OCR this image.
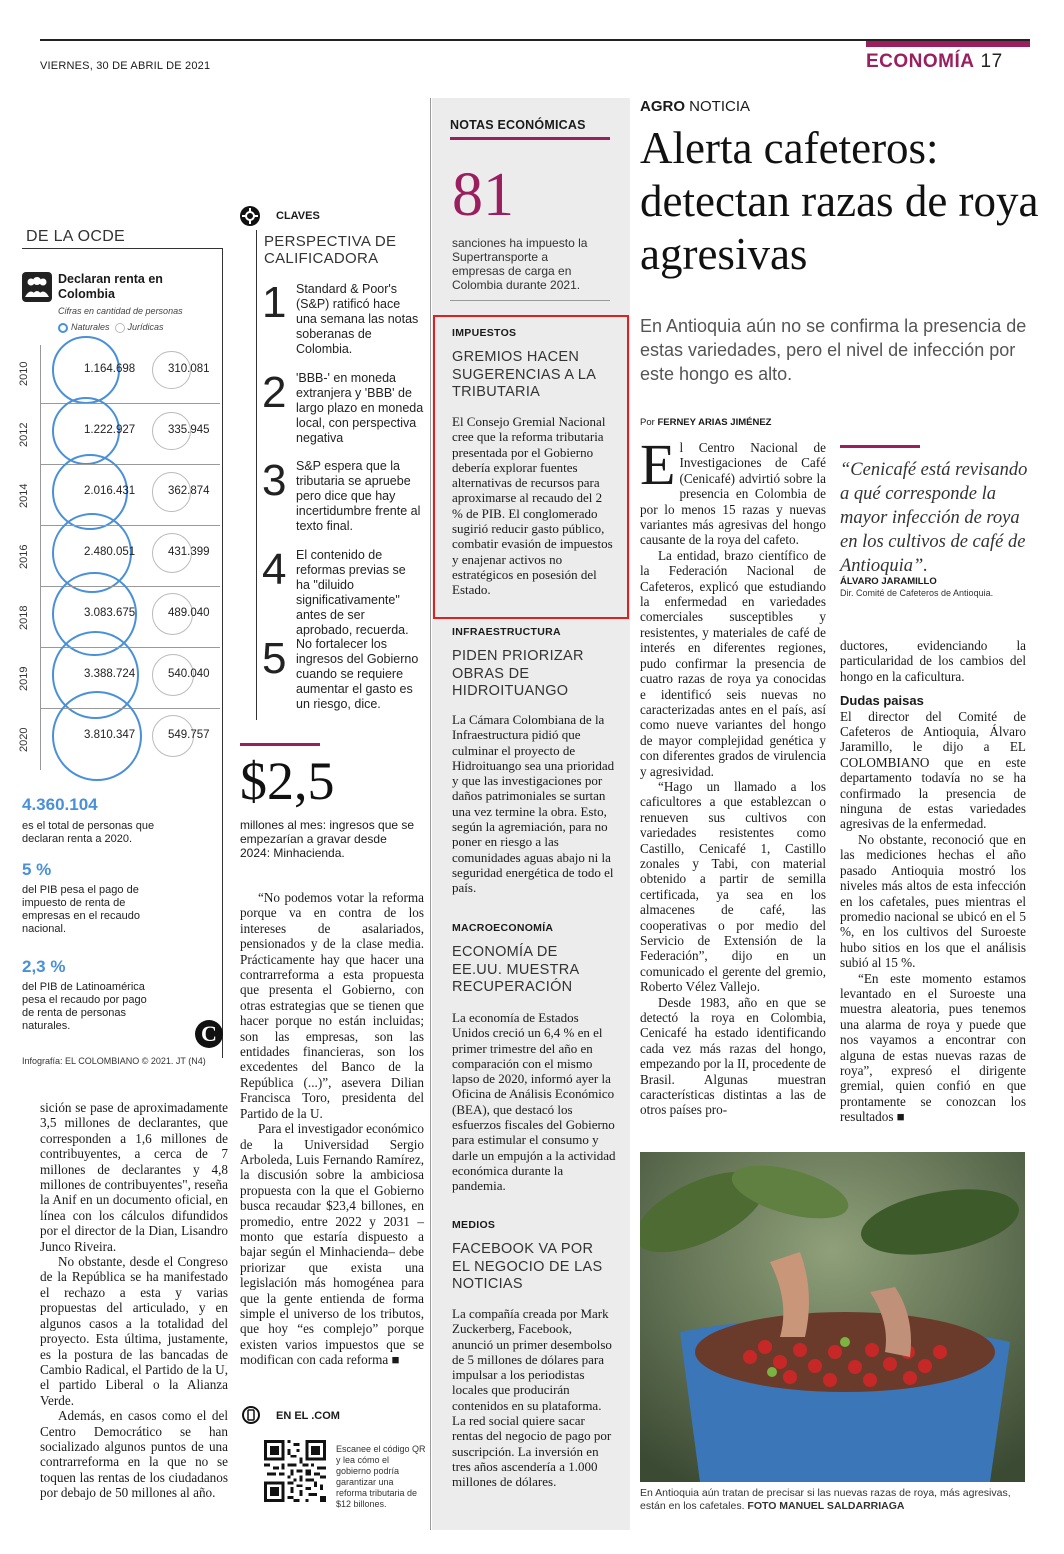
VIERNES, 30 DE ABRIL DE 2021	ECONOMÍA 17
DE LA OCDE
Declaran renta en Colombia
Cifras en cantidad de personas
Naturales Jurídicas
2010	1.164.698	310.081
2012	1.222.927	335.945
2014	2.016.431	362.874
2016	2.480.051	431.399
2018	3.083.675	489.040
2019	3.388.724	540.040
2020	3.810.347	549.757
4.360.104
es el total de personas que declaran renta a 2020.
5 %
del PIB pesa el pago de impuesto de renta de empresas en el recaudo nacional.
2,3 %
del PIB de Latinoamérica pesa el recaudo por pago de renta de personas naturales.	C
Infografía: EL COLOMBIANO © 2021. JT (N4)

sición se pase de aproximadamente 3,5 millones de declarantes, que corresponden a 1,6 millones de contribuyentes, a cerca de 7 millones de declarantes y 4,8 millones de contribuyentes", reseña la Anif en un documento oficial, en línea con los cálculos difundidos por el director de la Dian, Lisandro Junco Riveira.

No obstante, desde el Congreso de la República se ha manifestado el rechazo a esta y varias propuestas del articulado, y en algunos casos a la totalidad del proyecto. Esta última, justamente, es la postura de las bancadas de Cambio Radical, el Partido de la U, el partido Liberal o la Alianza Verde.

Además, en casos como el del Centro Democrático se han socializado algunos puntos de una contrarreforma en la que no se toquen las rentas de los ciudadanos por debajo de 50 millones al año.

CLAVES
PERSPECTIVA DE CALIFICADORA
1 Standard & Poor's (S&P) ratificó hace una semana las notas soberanas de Colombia.
2 'BBB-' en moneda extranjera y 'BBB' de largo plazo en moneda local, con perspectiva negativa
3 S&P espera que la tributaria se apruebe pero dice que hay incertidumbre frente al texto final.
4 El contenido de reformas previas se ha "diluido significativamente" antes de ser aprobado, recuerda.
5 No fortalecer los ingresos del Gobierno cuando se requiere aumentar el gasto es un riesgo, dice.
$2,5
millones al mes: ingresos que se empezarían a gravar desde 2024: Minhacienda.

“No podemos votar la reforma porque va en contra de los intereses de asalariados, pensionados y de la clase media. Prácticamente hay que hacer una contrarreforma a esta propuesta que presenta el Gobierno, con otras estrategias que se tienen que hacer porque no están incluidas; son las empresas, son las entidades financieras, son los excedentes del Banco de la República (...)”, asevera Dilian Francisca Toro, presidenta del Partido de la U.

Para el investigador económico de la Universidad Sergio Arboleda, Luis Fernando Ramírez, la discusión sobre la ambiciosa propuesta con la que el Gobierno busca recaudar $23,4 billones, en promedio, entre 2022 y 2031 –monto que estaría dispuesto a bajar según el Minhacienda– debe priorizar que exista una legislación más homogénea para que la gente entienda de forma simple el universo de los tributos, que hoy “es complejo” porque existen varios impuestos que se modifican con cada reforma ■

EN EL .COM
Escanee el código QR y lea cómo el gobierno podría garantizar una reforma tributaria de $12 billones.
NOTAS ECONÓMICAS
81
sanciones ha impuesto la Supertransporte a empresas de carga en Colombia durante 2021.
IMPUESTOS
GREMIOS HACEN SUGERENCIAS A LA TRIBUTARIA
El Consejo Gremial Nacional cree que la reforma tributaria presentada por el Gobierno debería explorar fuentes alternativas de recursos para aproximarse al recaudo del 2 % de PIB. El conglomerado sugirió reducir gasto público, combatir evasión de impuestos y enajenar activos no estratégicos en posesión del Estado.
INFRAESTRUCTURA
PIDEN PRIORIZAR OBRAS DE HIDROITUANGO
La Cámara Colombiana de la Infraestructura pidió que culminar el proyecto de Hidroituango sea una prioridad y que las investigaciones por daños patrimoniales se surtan una vez termine la obra. Esto, según la agremiación, para no poner en riesgo a las comunidades aguas abajo ni la seguridad energética de todo el país.
MACROECONOMÍA
ECONOMÍA DE EE.UU. MUESTRA RECUPERACIÓN
La economía de Estados Unidos creció un 6,4 % en el primer trimestre del año en comparación con el mismo lapso de 2020, informó ayer la Oficina de Análisis Económico (BEA), que destacó los esfuerzos fiscales del Gobierno para estimular el consumo y darle un empujón a la actividad económica durante la pandemia.
MEDIOS
FACEBOOK VA POR EL NEGOCIO DE LAS NOTICIAS
La compañía creada por Mark Zuckerberg, Facebook, anunció un primer desembolso de 5 millones de dólares para impulsar a los periodistas locales que producirán contenidos en su plataforma. La red social quiere sacar rentas del negocio de pago por suscripción. La inversión en tres años ascendería a 1.000 millones de dólares.
AGRO NOTICIA
Alerta cafeteros: detectan razas de roya agresivas
En Antioquia aún no se confirma la presencia de estas variedades, pero el nivel de infección por este hongo es alto.
Por FERNEY ARIAS JIMÉNEZ

El Centro Nacional de Investigaciones de Café (Cenicafé) advirtió sobre la presencia en Colombia de por lo menos 15 razas y nuevas variantes más agresivas del hongo causante de la roya del cafeto.

La entidad, brazo científico de la Federación Nacional de Cafeteros, explicó que estudiando la enfermedad en variedades comerciales susceptibles y resistentes, y materiales de café de interés en diferentes regiones, pudo confirmar la presencia de cuatro razas de roya ya conocidas e identificó seis nuevas no caracterizadas antes en el país, así como nueve variantes del hongo de mayor complejidad genética y con diferentes grados de virulencia y agresividad.

“Hago un llamado a los caficultores a que establezcan o renueven sus cultivos con variedades resistentes como Castillo, Cenicafé 1, Castillo zonales y Tabi, con material obtenido a partir de semilla certificada, ya sea en los almacenes de café, las cooperativas o por medio del Servicio de Extensión de la Federación”, dijo en un comunicado el gerente del gremio, Roberto Vélez Vallejo.

Desde 1983, año en que se detectó la roya en Colombia, Cenicafé ha estado identificando cada vez más razas del hongo, empezando por la II, procedente de Brasil. Algunas muestran características distintas a las de otros países pro-

“Cenicafé está revisando a qué corresponde la mayor infección de roya en los cultivos de café de Antioquia”.
ÁLVARO JARAMILLO
Dir. Comité de Cafeteros de Antioquia.

ductores, evidenciando la particularidad de los cambios del hongo en la caficultura.

Dudas paisas

El director del Comité de Cafeteros de Antioquia, Álvaro Jaramillo, le dijo a EL COLOMBIANO que en este departamento todavía no se ha confirmado la presencia de ninguna de estas variedades agresivas de la enfermedad.

No obstante, reconoció que en las mediciones hechas el año pasado Antioquia mostró los niveles más altos de esta infección en los cafetales, pues mientras el promedio nacional se ubicó en el 5 %, en los cultivos del Suroeste hubo sitios en los que el análisis subió al 15 %.

“En este momento estamos levantado en el Suroeste una muestra aleatoria, pues tenemos una alarma de roya y puede que nos vayamos a encontrar con alguna de estas nuevas razas de roya”, expresó el dirigente gremial, quien confió en que prontamente se conozcan los resultados ■

En Antioquia aún tratan de precisar si las nuevas razas de roya, más agresivas, están en los cafetales. FOTO MANUEL SALDARRIAGA
